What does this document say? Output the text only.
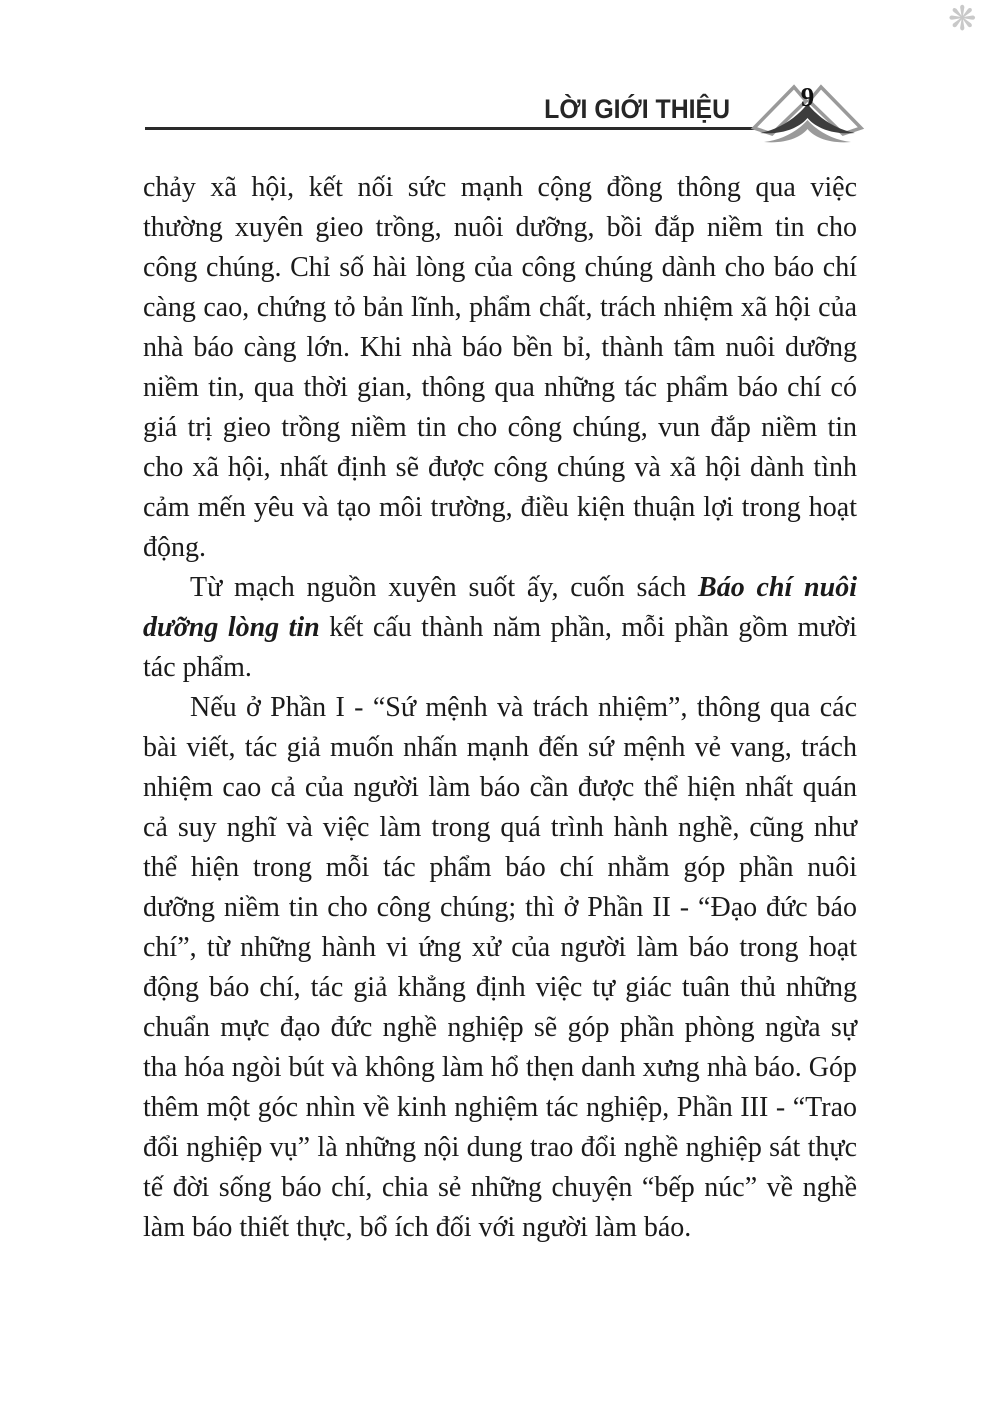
❋
LỜI GIỚI THIỆU	9

chảy xã hội, kết nối sức mạnh cộng đồng thông qua việc thường xuyên gieo trồng, nuôi dưỡng, bồi đắp niềm tin cho công chúng. Chỉ số hài lòng của công chúng dành cho báo chí càng cao, chứng tỏ bản lĩnh, phẩm chất, trách nhiệm xã hội của nhà báo càng lớn. Khi nhà báo bền bỉ, thành tâm nuôi dưỡng niềm tin, qua thời gian, thông qua những tác phẩm báo chí có giá trị gieo trồng niềm tin cho công chúng, vun đắp niềm tin cho xã hội, nhất định sẽ được công chúng và xã hội dành tình cảm mến yêu và tạo môi trường, điều kiện thuận lợi trong hoạt động.

Từ mạch nguồn xuyên suốt ấy, cuốn sách Báo chí nuôi dưỡng lòng tin kết cấu thành năm phần, mỗi phần gồm mười tác phẩm.

Nếu ở Phần I - “Sứ mệnh và trách nhiệm”, thông qua các bài viết, tác giả muốn nhấn mạnh đến sứ mệnh vẻ vang, trách nhiệm cao cả của người làm báo cần được thể hiện nhất quán cả suy nghĩ và việc làm trong quá trình hành nghề, cũng như thể hiện trong mỗi tác phẩm báo chí nhằm góp phần nuôi dưỡng niềm tin cho công chúng; thì ở Phần II - “Đạo đức báo chí”, từ những hành vi ứng xử của người làm báo trong hoạt động báo chí, tác giả khẳng định việc tự giác tuân thủ những chuẩn mực đạo đức nghề nghiệp sẽ góp phần phòng ngừa sự tha hóa ngòi bút và không làm hổ thẹn danh xưng nhà báo. Góp thêm một góc nhìn về kinh nghiệm tác nghiệp, Phần III - “Trao đổi nghiệp vụ” là những nội dung trao đổi nghề nghiệp sát thực tế đời sống báo chí, chia sẻ những chuyện “bếp núc” về nghề làm báo thiết thực, bổ ích đối với người làm báo.
